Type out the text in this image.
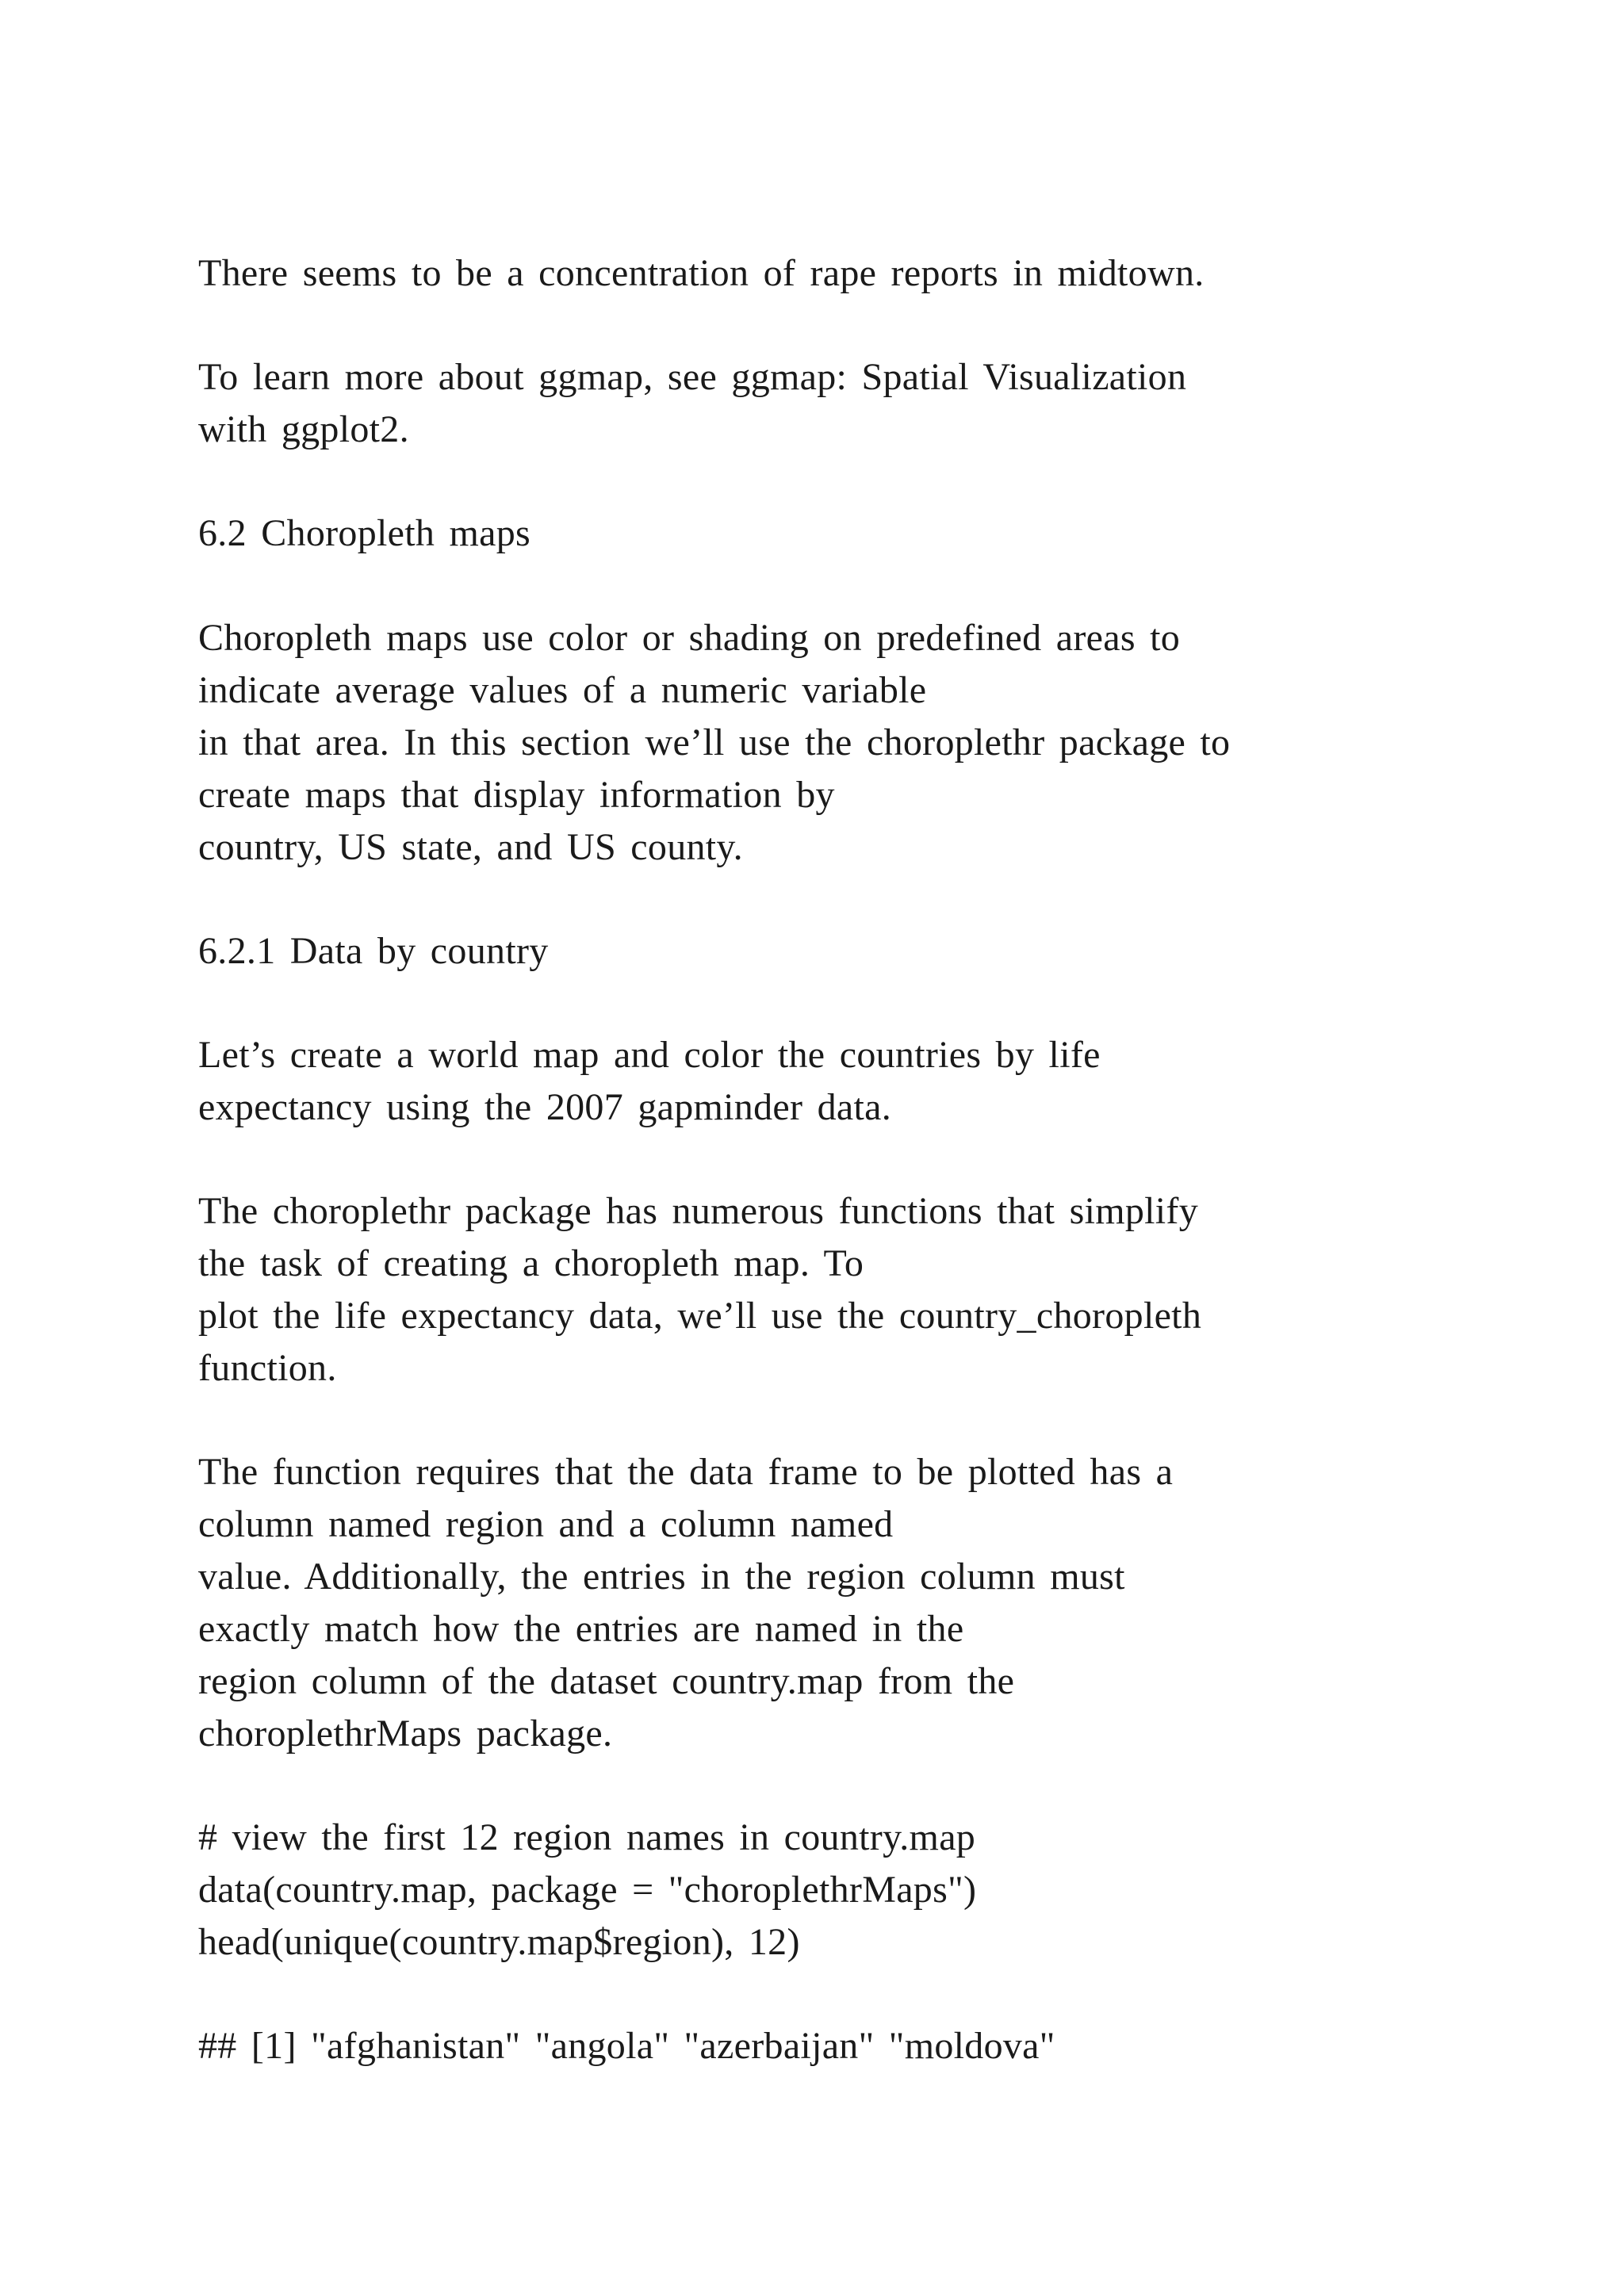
There seems to be a concentration of rape reports in midtown.

To learn more about ggmap, see ggmap: Spatial Visualization

with ggplot2.

6.2 Choropleth maps

Choropleth maps use color or shading on predefined areas to

indicate average values of a numeric variable

in that area. In this section we’ll use the choroplethr package to

create maps that display information by

country, US state, and US county.

6.2.1 Data by country

Let’s create a world map and color the countries by life

expectancy using the 2007 gapminder data.

The choroplethr package has numerous functions that simplify

the task of creating a choropleth map. To

plot the life expectancy data, we’ll use the country_choropleth

function.

The function requires that the data frame to be plotted has a

column named region and a column named

value. Additionally, the entries in the region column must

exactly match how the entries are named in the

region column of the dataset country.map from the

choroplethrMaps package.

# view the first 12 region names in country.map

data(country.map, package = "choroplethrMaps")

head(unique(country.map$region), 12)

## [1] "afghanistan" "angola" "azerbaijan" "moldova"
